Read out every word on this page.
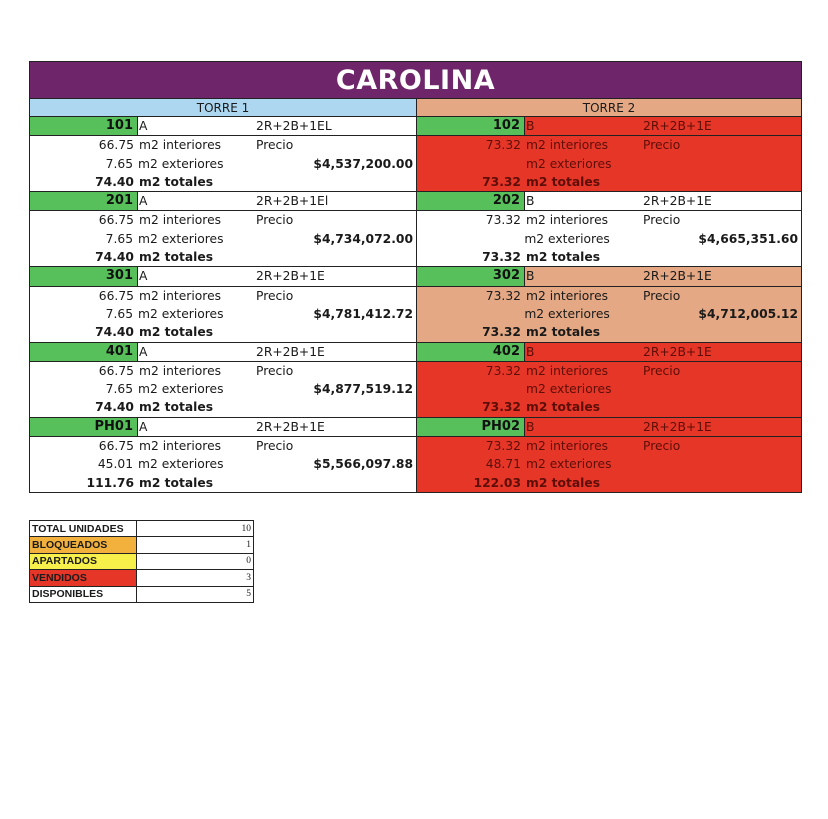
CAROLINA
TORRE 1	TORRE 2
101 A	2R+2B+1EL
66.75 m2 interiores	Precio
7.65 m2 exteriores	$4,537,200.00
74.40 m2 totales
102 B	2R+2B+1E
73.32 m2 interiores	Precio
m2 exteriores
73.32 m2 totales
201 A	2R+2B+1El
66.75 m2 interiores	Precio
7.65 m2 exteriores	$4,734,072.00
74.40 m2 totales
202 B	2R+2B+1E
73.32 m2 interiores	Precio
m2 exteriores	$4,665,351.60
73.32 m2 totales
301 A	2R+2B+1E
66.75 m2 interiores	Precio
7.65 m2 exteriores	$4,781,412.72
74.40 m2 totales
302 B	2R+2B+1E
73.32 m2 interiores	Precio
m2 exteriores	$4,712,005.12
73.32 m2 totales
401 A	2R+2B+1E
66.75 m2 interiores	Precio
7.65 m2 exteriores	$4,877,519.12
74.40 m2 totales
402 B	2R+2B+1E
73.32 m2 interiores	Precio
m2 exteriores
73.32 m2 totales
PH01 A	2R+2B+1E
66.75 m2 interiores	Precio
45.01 m2 exteriores	$5,566,097.88
111.76 m2 totales
PH02 B	2R+2B+1E
73.32 m2 interiores	Precio
48.71 m2 exteriores
122.03 m2 totales
TOTAL UNIDADES	10
BLOQUEADOS	1
APARTADOS	0
VENDIDOS	3
DISPONIBLES	5
